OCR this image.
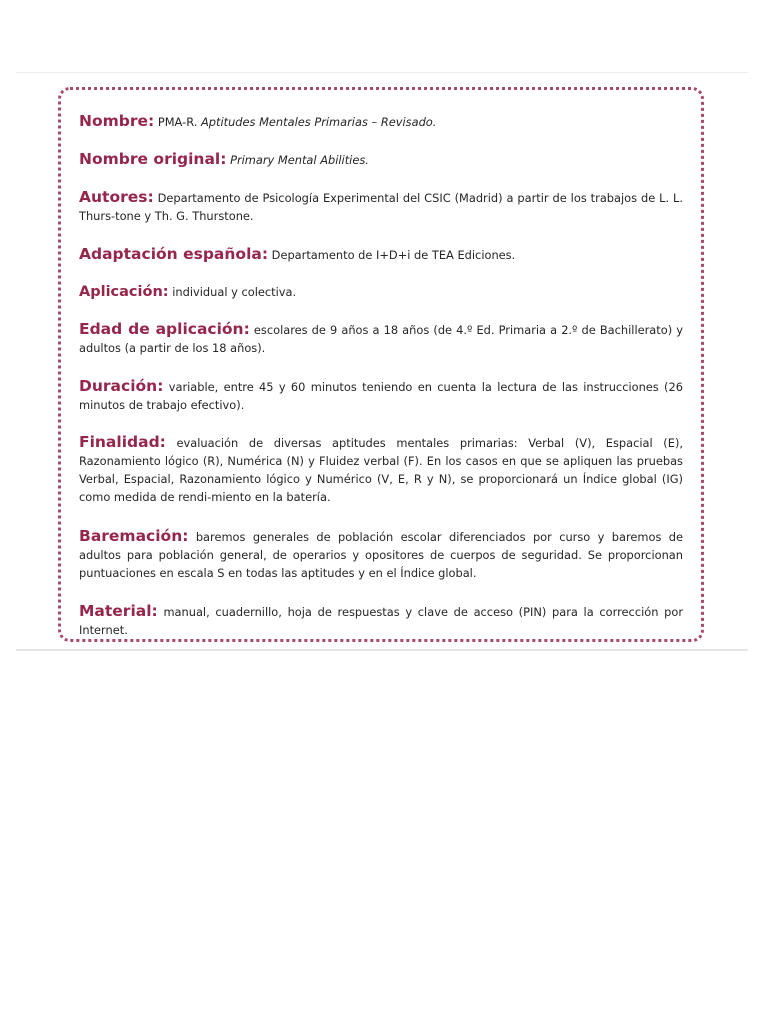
Nombre: PMA-R. Aptitudes Mentales Primarias – Revisado.

Nombre original: Primary Mental Abilities.

Autores: Departamento de Psicología Experimental del CSIC (Madrid) a partir de los trabajos de L. L. Thurs-tone y Th. G. Thurstone.

Adaptación española: Departamento de I+D+i de TEA Ediciones.

Aplicación: individual y colectiva.

Edad de aplicación: escolares de 9 años a 18 años (de 4.º Ed. Primaria a 2.º de Bachillerato) y adultos (a partir de los 18 años).

Duración: variable, entre 45 y 60 minutos teniendo en cuenta la lectura de las instrucciones (26 minutos de trabajo efectivo).

Finalidad: evaluación de diversas aptitudes mentales primarias: Verbal (V), Espacial (E), Razonamiento lógico (R), Numérica (N) y Fluidez verbal (F). En los casos en que se apliquen las pruebas Verbal, Espacial, Razonamiento lógico y Numérico (V, E, R y N), se proporcionará un Índice global (IG) como medida de rendi-miento en la batería.

Baremación: baremos generales de población escolar diferenciados por curso y baremos de adultos para población general, de operarios y opositores de cuerpos de seguridad. Se proporcionan puntuaciones en escala S en todas las aptitudes y en el Índice global.

Material: manual, cuadernillo, hoja de respuestas y clave de acceso (PIN) para la corrección por Internet.
